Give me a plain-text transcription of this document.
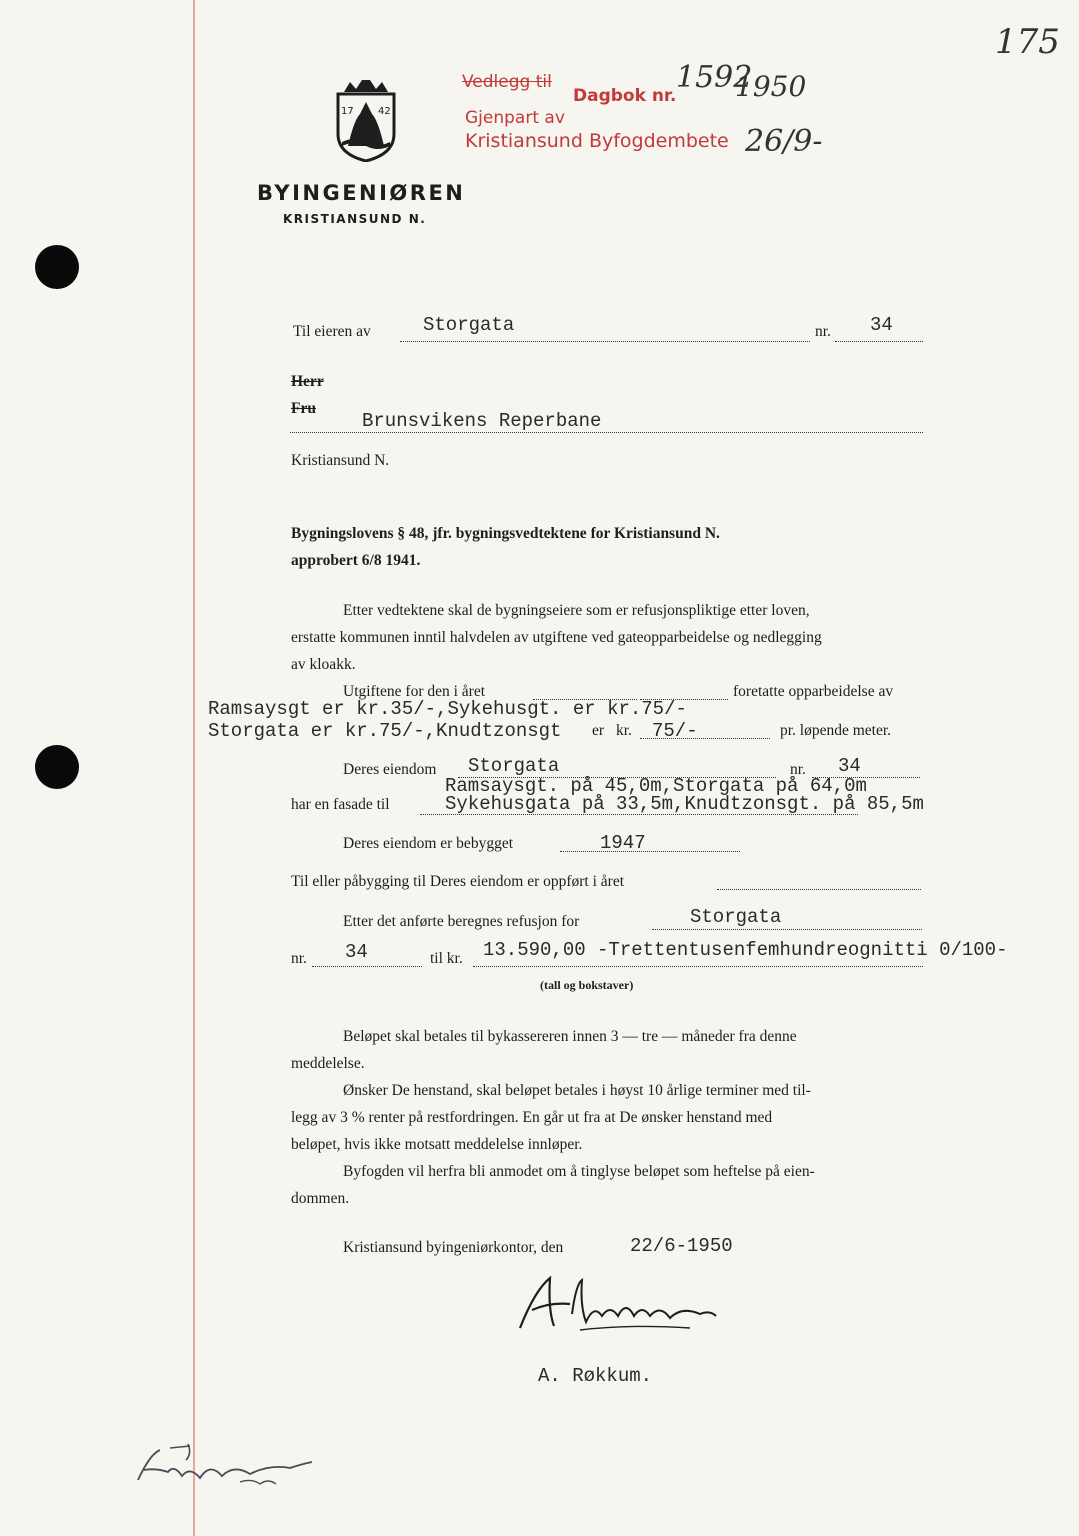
175
17 42
Vedlegg til
Dagbok nr.
1592
1950
Gjenpart av
Kristiansund Byfogdembete 26/9-
BYINGENIØREN
KRISTIANSUND N.
Til eieren av	Storgata	nr. 34
Herr
Fru
Brunsvikens Reperbane
Kristiansund N.
Bygningslovens § 48, jfr. bygningsvedtektene for Kristiansund N.
approbert 6/8 1941.
Etter vedtektene skal de bygningseiere som er refusjonspliktige etter loven,
erstatte kommunen inntil halvdelen av utgiftene ved gateopparbeidelse og nedlegging
av kloakk.
Utgiftene for den i året	foretatte opparbeidelse av
Ramsaysgt er kr.35/-,Sykehusgt. er kr.75/-
Storgata er kr.75/-,Knudtzonsgt er kr. 75/-	pr. løpende meter.
Deres eiendom Storgata	nr. 34
Ramsaysgt. på 45,0m,Storgata på 64,0m
har en fasade til	Sykehusgata på 33,5m,Knudtzonsgt. på 85,5m
Deres eiendom er bebygget	1947
Til eller påbygging til Deres eiendom er oppført i året
Etter det anførte beregnes refusjon for	Storgata
nr. 34	til kr. 13.590,00 -Trettentusenfemhundreognitti 0/100-
(tall og bokstaver)
Beløpet skal betales til bykassereren innen 3 — tre — måneder fra denne
meddelelse.
Ønsker De henstand, skal beløpet betales i høyst 10 årlige terminer med til-
legg av 3 % renter på restfordringen. En går ut fra at De ønsker henstand med
beløpet, hvis ikke motsatt meddelelse innløper.
Byfogden vil herfra bli anmodet om å tinglyse beløpet som heftelse på eien-
dommen.
Kristiansund byingeniørkontor, den	22/6-1950
A. Røkkum.
